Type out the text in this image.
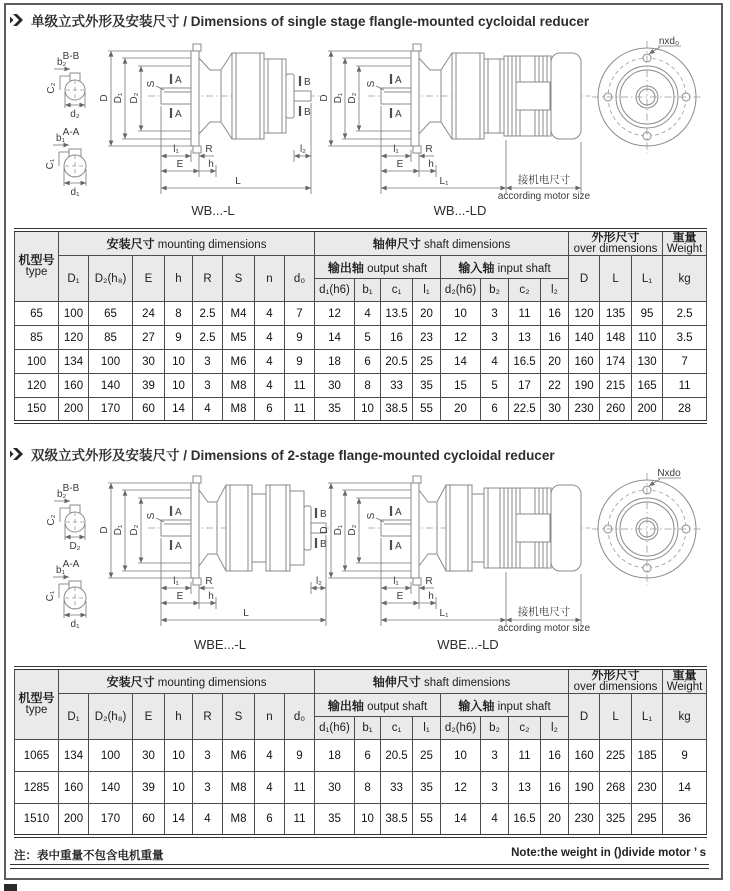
单级立式外形及安装尺寸 / Dimensions of single stage flangle-mounted cycloidal reducer
B-B
b₂
C₂
d₂
A-A
b₁
C₁
d₁
D D₁ D₂
S A
A
B
B
l₁	R
E h
l₂
L
WB...-L
D D₁ D₂
S A
A
l₁	R
E h
L₁	接机电尺寸
according motor size
WB...-LD
nxd₀
机型号
type
	安装尺寸 mounting dimensions	轴伸尺寸 shaft dimensions	
外形尺寸
over dimensions

重量
Weight

	D₁	D₂(h₈)	E	h	R	S	n	d₀	输出轴 output shaft				输入轴 input shaft				D	L	L₁	kg
									d₁(h6)	b₁	c₁	l₁	d₂(h6)	b₂	c₂	l₂				
65	100	65	24	8	2.5	M4	4	7	12	4	13.5	20	10	3	11	16	120	135	95	2.5
85	120	85	27	9	2.5	M5	4	9	14	5	16	23	12	3	13	16	140	148	110	3.5
100	134	100	30	10	3	M6	4	9	18	6	20.5	25	14	4	16.5	20	160	174	130	7
120	160	140	39	10	3	M8	4	11	30	8	33	35	15	5	17	22	190	215	165	11
150	200	170	60	14	4	M8	6	11	35	10	38.5	55	20	6	22.5	30	230	260	200	28
双级立式外形及安装尺寸 / Dimensions of 2-stage flange-mounted cycloidal reducer
B-B
b₂
C₂
D₂
A-A
b₁
C₁
d₁
D D₁ D₂
S A
A
B
B
l₁	R
E h
l₂
L
WBE...-L
D D₁ D₂
S A
A
l₁	R
E h
L₁	接机电尺寸
according motor size
WBE...-LD
Nxdo
机型号
type
	安装尺寸 mounting dimensions	轴伸尺寸 shaft dimensions	
外形尺寸
over dimensions

重量
Weight

	D₁	D₂(h₈)	E	h	R	S	n	d₀	输出轴 output shaft				输入轴 input shaft				D	L	L₁	kg
									d₁(h6)	b₁	c₁	l₁	d₂(h6)	b₂	c₂	l₂				
1065	134	100	30	10	3	M6	4	9	18	6	20.5	25	10	3	11	16	160	225	185	9
1285	160	140	39	10	3	M8	4	11	30	8	33	35	12	3	13	16	190	268	230	14
1510	200	170	60	14	4	M8	6	11	35	10	38.5	55	14	4	16.5	20	230	325	295	36
注：表中重量不包含电机重量	Note:the weight in ()divide motor ’ s
